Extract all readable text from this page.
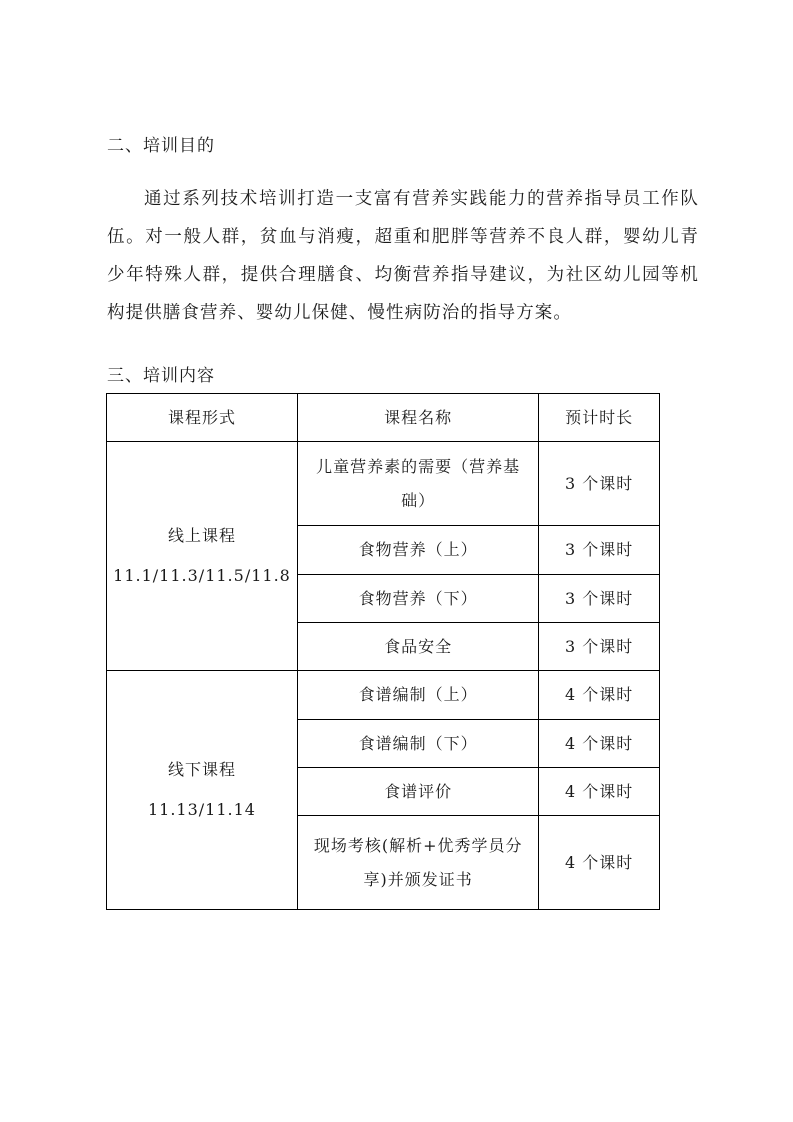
二、培训目的
通过系列技术培训打造一支富有营养实践能力的营养指导员工作队伍。对一般人群，贫血与消瘦，超重和肥胖等营养不良人群，婴幼儿青少年特殊人群，提供合理膳食、均衡营养指导建议，为社区幼儿园等机构提供膳食营养、婴幼儿保健、慢性病防治的指导方案。
三、培训内容
课程形式	课程名称	预计时长

线上课程
11.1/11.3/11.5/11.8	儿童营养素的需要（营养基础）	3 个课时
	食物营养（上）	3 个课时
	食物营养（下）	3 个课时
	食品安全	3 个课时

线下课程
11.13/11.14	食谱编制（上）	4 个课时
	食谱编制（下）	4 个课时
	食谱评价	4 个课时
	现场考核(解析+优秀学员分享)并颁发证书	4 个课时
